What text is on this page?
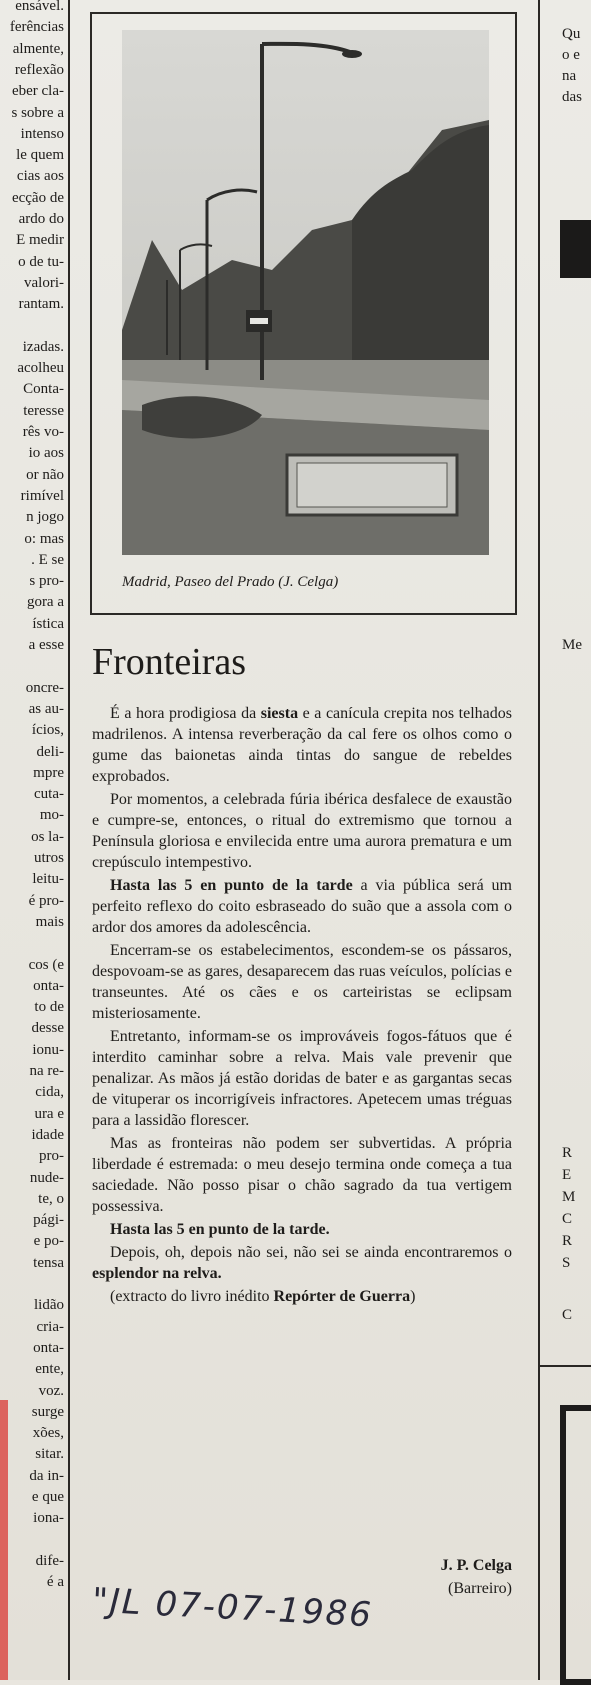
ensável.
ferências
almente,
reflexão
eber cla-
s sobre a
intenso
le quem
cias aos
ecção de
ardo do
E medir
o de tu-
valori-
rantam.
izadas.
acolheu
Conta-
teresse
rês vo-
io aos
or não
rimível
n jogo
o: mas
. E se
s pro-
gora a
ística
a esse
oncre-
as au-
ícios,
deli-
mpre
cuta-
mo-
os la-
utros
leitu-
é pro-
mais
cos (e
onta-
to de
desse
ionu-
na re-
cida,
ura e
idade
pro-
nude-
te, o
pági-
e po-
tensa
lidão
cria-
onta-
ente,
voz.
surge
xões,
sitar.
da in-
e que
iona-
dife-
é a
Madrid, Paseo del Prado (J. Celga)
Fronteiras

É a hora prodigiosa da siesta e a canícula crepita nos telhados madrilenos. A intensa reverberação da cal fere os olhos como o gume das baionetas ainda tintas do sangue de rebeldes exprobados.

Por momentos, a celebrada fúria ibérica desfalece de exaustão e cumpre-se, entonces, o ritual do extremismo que tornou a Península gloriosa e envilecida entre uma aurora prematura e um crepúsculo intempestivo.

Hasta las 5 en punto de la tarde a via pública será um perfeito reflexo do coito esbraseado do suão que a assola com o ardor dos amores da adolescência.

Encerram-se os estabelecimentos, escondem-se os pássaros, despovoam-se as gares, desaparecem das ruas veículos, polícias e transeuntes. Até os cães e os carteiristas se eclipsam misteriosamente.

Entretanto, informam-se os improváveis fogos-fátuos que é interdito caminhar sobre a relva. Mais vale prevenir que penalizar. As mãos já estão doridas de bater e as gargantas secas de vituperar os incorrigíveis infractores. Apetecem umas tréguas para a lassidão florescer.

Mas as fronteiras não podem ser subvertidas. A própria liberdade é estremada: o meu desejo termina onde começa a tua saciedade. Não posso pisar o chão sagrado da tua vertigem possessiva.

Hasta las 5 en punto de la tarde.

Depois, oh, depois não sei, não sei se ainda encontraremos o esplendor na relva.

(extracto do livro inédito Repórter de Guerra)

J. P. Celga
(Barreiro)
Qu
o e
na
das
Me
R
E
M
C
R
S
C
"JL 07-07-1986
